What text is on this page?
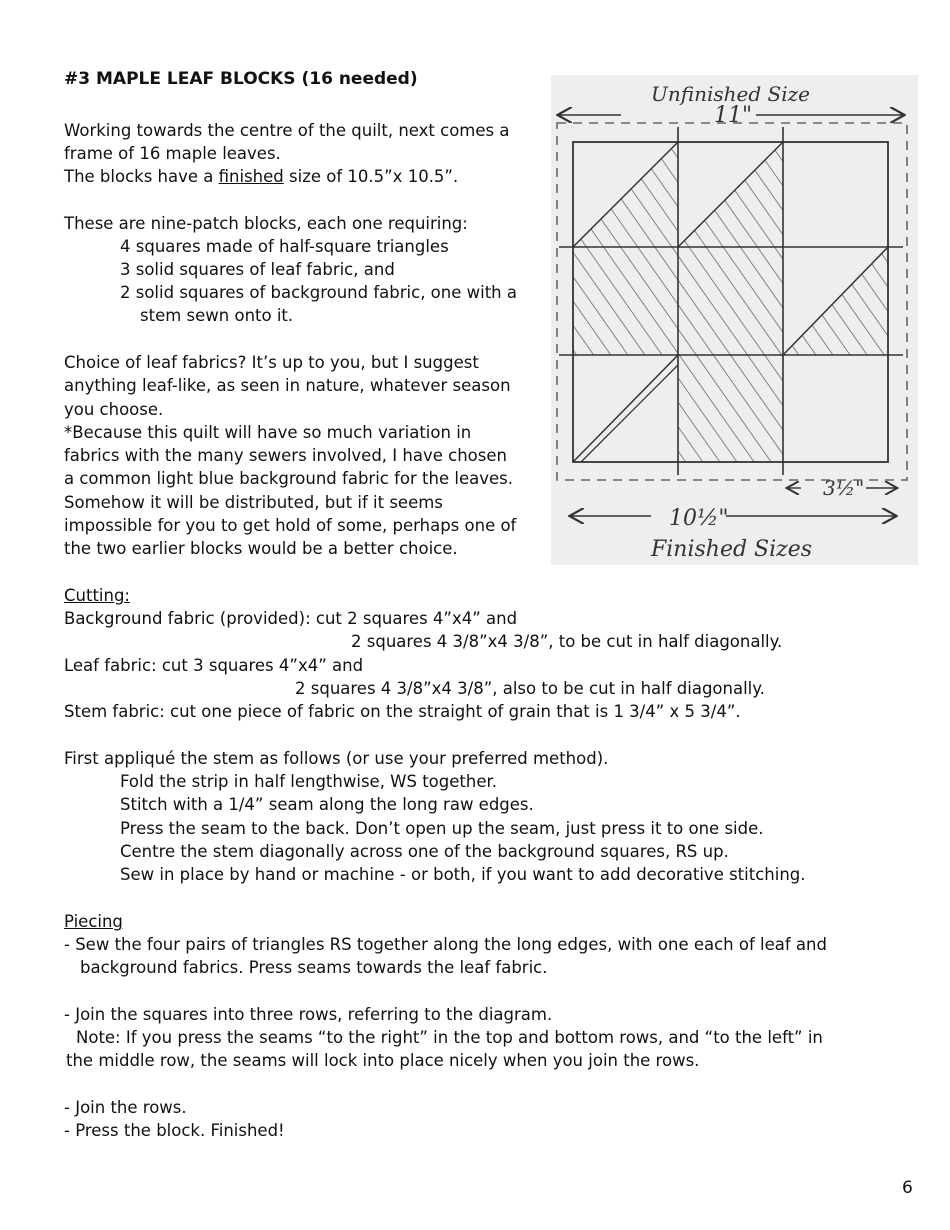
#3 MAPLE LEAF BLOCKS (16 needed)
Working towards the centre of the quilt, next comes a
frame of 16 maple leaves.
The blocks have a finished size of 10.5”x 10.5”.
These are nine-patch blocks, each one requiring:
4 squares made of half-square triangles
3 solid squares of leaf fabric, and
2 solid squares of background fabric, one with a
stem sewn onto it.
Choice of leaf fabrics? It’s up to you, but I suggest
anything leaf-like, as seen in nature, whatever season
you choose.
*Because this quilt will have so much variation in
fabrics with the many sewers involved, I have chosen
a common light blue background fabric for the leaves.
Somehow it will be distributed, but if it seems
impossible for you to get hold of some, perhaps one of
the two earlier blocks would be a better choice.
Cutting:
Background fabric (provided): cut 2 squares 4”x4” and
2 squares 4 3/8”x4 3/8”, to be cut in half diagonally.
Leaf fabric: cut 3 squares 4”x4” and
2 squares 4 3/8”x4 3/8”, also to be cut in half diagonally.
Stem fabric: cut one piece of fabric on the straight of grain that is 1 3/4” x 5 3/4”.
First appliqué the stem as follows (or use your preferred method).
Fold the strip in half lengthwise, WS together.
Stitch with a 1/4” seam along the long raw edges.
Press the seam to the back. Don’t open up the seam, just press it to one side.
Centre the stem diagonally across one of the background squares, RS up.
Sew in place by hand or machine - or both, if you want to add decorative stitching.
Piecing
- Sew the four pairs of triangles RS together along the long edges, with one each of leaf and
background fabrics. Press seams towards the leaf fabric.
- Join the squares into three rows, referring to the diagram.
Note: If you press the seams “to the right” in the top and bottom rows, and “to the left” in
the middle row, the seams will lock into place nicely when you join the rows.
- Join the rows.
- Press the block. Finished!
Unfinished Size
11"
3½"
10½"
Finished Sizes
6
